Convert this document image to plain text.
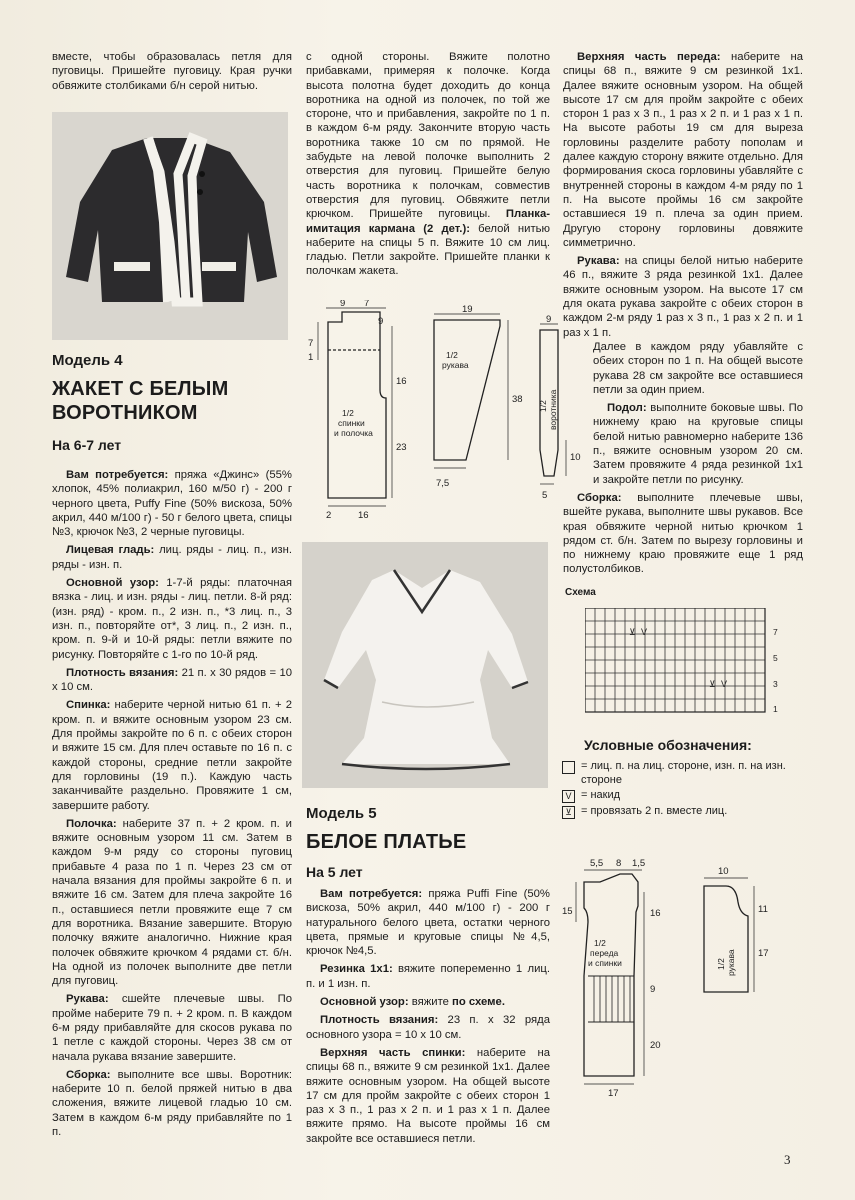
вместе, чтобы образовалась петля для пуговицы. Пришейте пуговицу. Края ручки обвяжите столбиками б/н серой нитью.

Модель 4
ЖАКЕТ С БЕЛЫМ
ВОРОТНИКОМ
На 6-7 лет

Вам потребуется: пряжа «Джинс» (55% хлопок, 45% полиакрил, 160 м/50 г) - 200 г черного цвета, Puffy Fine (50% вискоза, 50% акрил, 440 м/100 г) - 50 г белого цвета, спицы №3, крючок №3, 2 черные пуговицы.

Лицевая гладь: лиц. ряды - лиц. п., изн. ряды - изн. п.

Основной узор: 1-7-й ряды: платочная вязка - лиц. и изн. ряды - лиц. петли. 8-й ряд: (изн. ряд) - кром. п., 2 изн. п., *3 лиц. п., 3 изн. п., повторяйте от*, 3 лиц. п., 2 изн. п., кром. п. 9-й и 10-й ряды: петли вяжите по рисунку. Повторяйте с 1-го по 10-й ряд.

Плотность вязания: 21 п. х 30 рядов = 10 х 10 см.

Спинка: наберите черной нитью 61 п. + 2 кром. п. и вяжите основным узором 23 см. Для проймы закройте по 6 п. с обеих сторон и вяжите 15 см. Для плеч оставьте по 16 п. с каждой стороны, средние петли закройте для горловины (19 п.). Каждую часть заканчивайте раздельно. Провяжите 1 см, завершите работу.

Полочка: наберите 37 п. + 2 кром. п. и вяжите основным узором 11 см. Затем в каждом 9-м ряду со стороны пуговиц прибавьте 4 раза по 1 п. Через 23 см от начала вязания для проймы закройте 6 п. и вяжите 16 см. Затем для плеча закройте 16 п., оставшиеся петли провяжите еще 7 см для воротника. Вязание завершите. Вторую полочку вяжите аналогично. Нижние края полочек обвяжите крючком 4 рядами ст. б/н. На одной из полочек выполните две петли для пуговиц.

Рукава: сшейте плечевые швы. По пройме наберите 79 п. + 2 кром. п. В каждом 6-м ряду прибавляйте для скосов рукава по 1 петле с каждой стороны. Через 38 см от начала рукава вязание завершите.

Сборка: выполните все швы. Воротник: наберите 10 п. белой пряжей нитью в два сложения, вяжите лицевой гладью 10 см. Затем в каждом 6-м ряду прибавляйте по 1 п.

с одной стороны. Вяжите полотно прибавками, примеряя к полочке. Когда высота полотна будет доходить до конца воротника на одной из полочек, по той же стороне, что и прибавления, закройте по 1 п. в каждом 6-м ряду. Закончите вторую часть воротника тaкже 10 см по прямой. Не забудьте на левой полочке выполнить 2 отверстия для пуговиц. Пришейте белую часть воротника к полочкам, совместив отверстия для пуговиц. Обвяжите петли крючком. Пришейте пуговицы. Планка-имитация кармана (2 дет.): белой нитью наберите на спицы 5 п. Вяжите 10 см лиц. гладью. Петли закройте. Пришейте планки к полочкам жакета.

9 7
7
1
9
16
23
2	16
19
38
7,5
9
10
5
1/2
спинки
и полочка
1/2
рукава
1/2 воротника
Модель 5
БЕЛОЕ ПЛАТЬЕ
На 5 лет

Вам потребуется: пряжа Puffi Fine (50% вискоза, 50% акрил, 440 м/100 г) - 200 г натурального белого цвета, остатки черного цвета, прямые и круговые спицы №4,5, крючок №4,5.

Резинка 1x1: вяжите попеременно 1 лиц. п. и 1 изн. п.

Основной узор: вяжите по схеме.

Плотность вязания: 23 п. х 32 ряда основного узора = 10 х 10 см.

Верхняя часть спинки: наберите на спицы 68 п., вяжите 9 см резинкой 1x1. Далее вяжите основным узором. На общей высоте 17 см для пройм закройте с обеих сторон 1 раз х 3 п., 1 раз х 2 п. и 1 раз х 1 п. Далее вяжите прямо. На высоте проймы 16 см закройте все оставшиеся петли.

Верхняя часть переда: наберите на спицы 68 п., вяжите 9 см резинкой 1x1. Далее вяжите основным узором. На общей высоте 17 см для пройм закройте с обеих сторон 1 раз х 3 п., 1 раз х 2 п. и 1 раз х 1 п. На высоте работы 19 см для выреза горловины разделите работу пополам и далее каждую сторону вяжите отдельно. Для формирования скоса горловины убавляйте с внутренней стороны в каждом 4-м ряду по 1 п. На высоте проймы 16 см закройте оставшиеся 19 п. плеча за один прием. Другую сторону горловины довяжите симметрично.

Рукава: на спицы белой нитью наберите 46 п., вяжите 3 ряда резинкой 1x1. Далее вяжите основным узором. На высоте 17 см для оката рукава закройте с обеих сторон в каждом 2-м ряду 1 раз х 3 п., 1 раз х 2 п. и 1 раз х 1 п.

Далее в каждом ряду убавляйте с обеих сторон по 1 п. На общей высоте рукава 28 см закройте все оставшиеся петли за один прием.

Подол: выполните боковые швы. По нижнему краю на круговые спицы белой нитью равномерно наберите 136 п., вяжите основным узором 20 см. Затем провяжите 4 ряда резинкой 1x1 и закройте петли по рисунку.

Сборка: выполните плечевые швы, вшейте рукава, выполните швы рукавов. Все края обвяжите черной нитью крючком 1 рядом ст. б/н. Затем по вырезу горловины и по нижнему краю провяжите еще 1 ряд полустолбиков.

Схема
⊻ V
⊻ V
7
5
3
1
Условные обозначения:
= лиц. п. на лиц. стороне, изн. п. на изн. стороне
V = накид
⊻ = провязать 2 п. вместе лиц.
5,5 8 1,5
15	16
9
20
17
10
11
17
1/2
переда
и спинки	1/2 рукава
3
